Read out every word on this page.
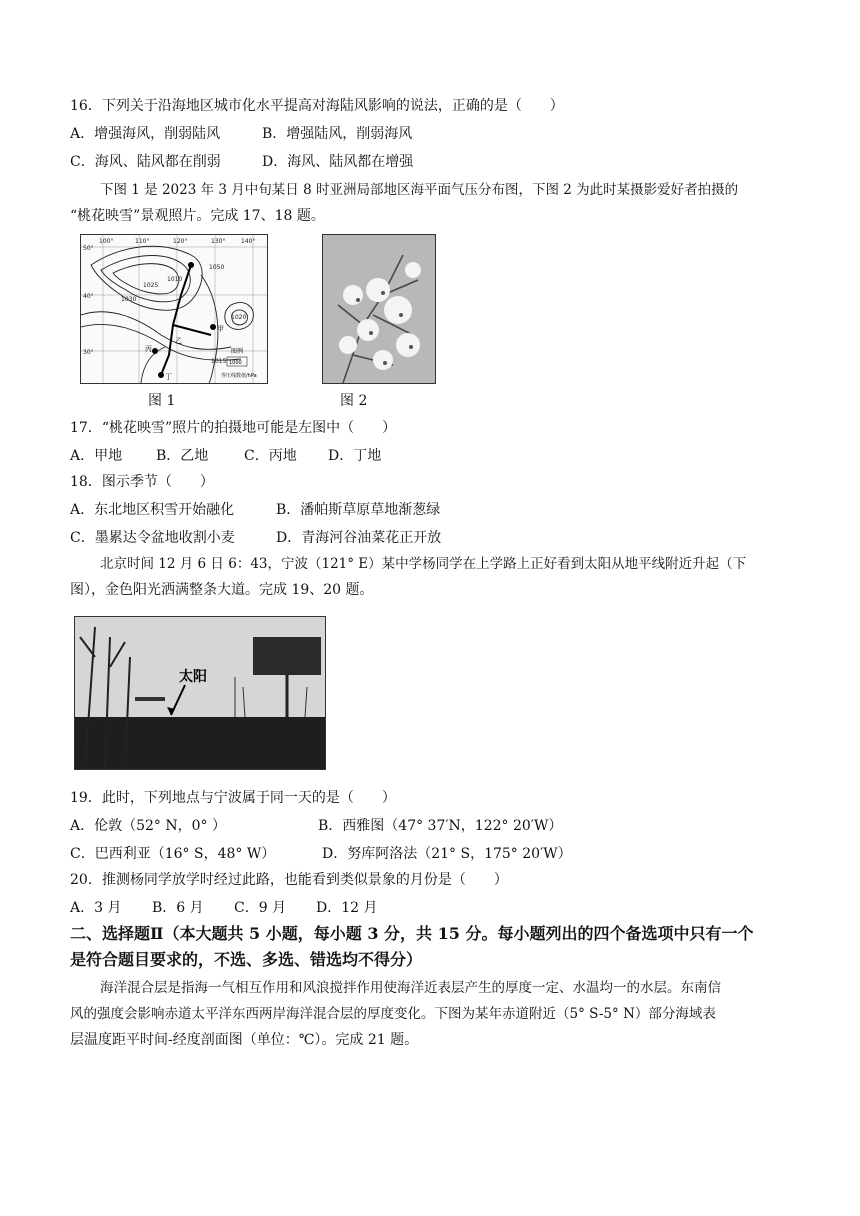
16．下列关于沿海地区城市化水平提高对海陆风影响的说法，正确的是（　　）
A．增强海风，削弱陆风	B．增强陆风，削弱海风
C．海风、陆风都在削弱	D．海风、陆风都在增强
下图 1 是 2023 年 3 月中旬某日 8 时亚洲局部地区海平面气压分布图，下图 2 为此时某摄影爱好者拍摄的
“桃花映雪”景观照片。完成 17、18 题。
100°	110°	120°	130°	140°
50°
40°
30°
1050
1030
1025
1020
1015
1010
甲
乙
丙
丁
图例
1000
等压线数值/hPa
图 1	图 2
17．“桃花映雪”照片的拍摄地可能是左图中（　　）
A．甲地 B．乙地	C．丙地 D．丁地
18．图示季节（　　）
A．东北地区积雪开始融化	B．潘帕斯草原草地渐葱绿
C．墨累达令盆地收割小麦	D．青海河谷油菜花正开放
北京时间 12 月 6 日 6：43，宁波（121° E）某中学杨同学在上学路上正好看到太阳从地平线附近升起（下
图），金色阳光洒满整条大道。完成 19、20 题。
太阳
19．此时，下列地点与宁波属于同一天的是（　　）
A．伦敦（52° N，0° ）	B．西雅图（47° 37′N，122° 20′W）
C．巴西利亚（16° S，48° W）	D．努库阿洛法（21° S，175° 20′W）
20．推测杨同学放学时经过此路，也能看到类似景象的月份是（　　）
A．3 月 B．6 月 C．9 月 D．12 月
二、选择题Ⅱ（本大题共 5 小题，每小题 3 分，共 15 分。每小题列出的四个备选项中只有一个
是符合题目要求的，不选、多选、错选均不得分）
海洋混合层是指海一气相互作用和风浪搅拌作用使海洋近表层产生的厚度一定、水温均一的水层。东南信
风的强度会影响赤道太平洋东西两岸海洋混合层的厚度变化。下图为某年赤道附近（5° S-5° N）部分海域表
层温度距平时间-经度剖面图（单位：℃）。完成 21 题。
